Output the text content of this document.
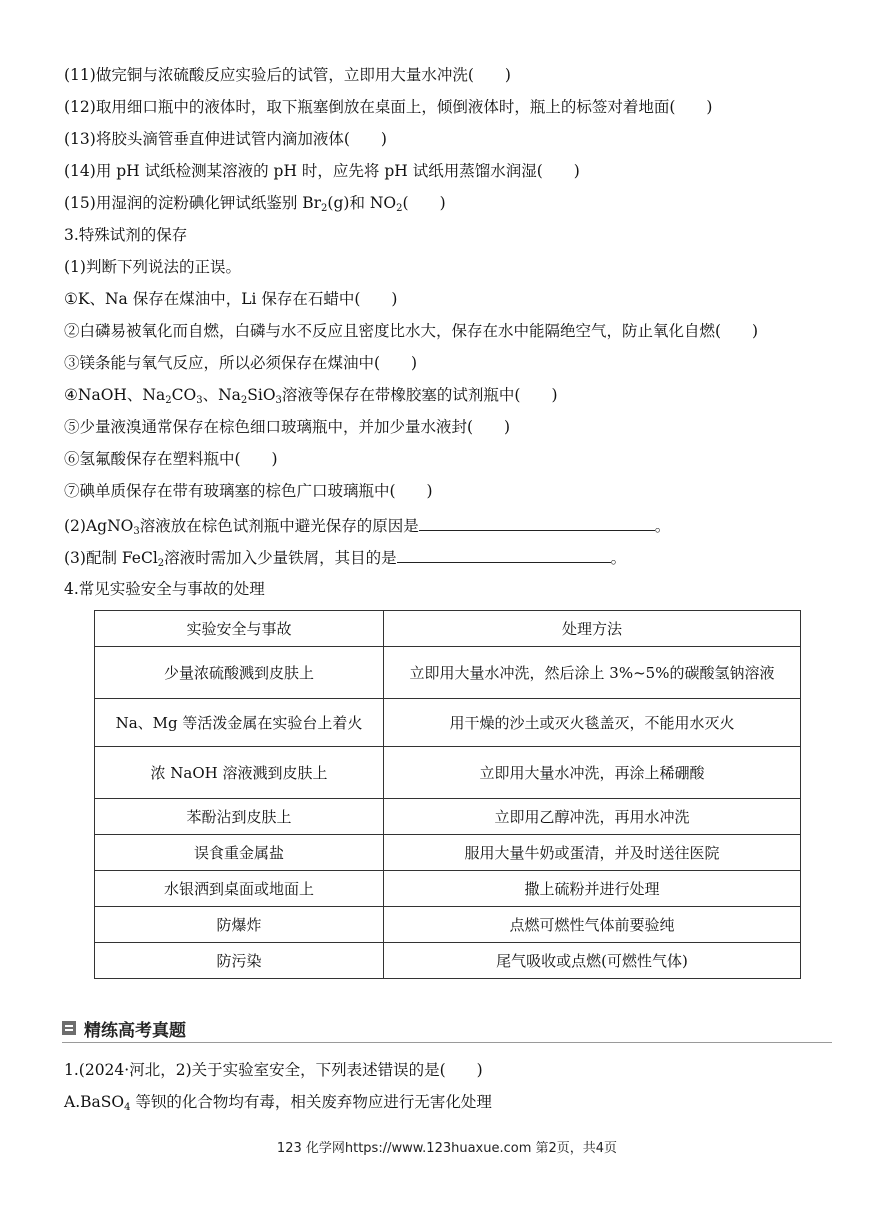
(11)做完铜与浓硫酸反应实验后的试管，立即用大量水冲洗(　　)
(12)取用细口瓶中的液体时，取下瓶塞倒放在桌面上，倾倒液体时，瓶上的标签对着地面(　　)
(13)将胶头滴管垂直伸进试管内滴加液体(　　)
(14)用 pH 试纸检测某溶液的 pH 时，应先将 pH 试纸用蒸馏水润湿(　　)
(15)用湿润的淀粉碘化钾试纸鉴别 $Br_2(g)$和 $NO_2$(　　)
3.特殊试剂的保存
(1)判断下列说法的正误。
①K、Na 保存在煤油中，Li 保存在石蜡中(　　)
②白磷易被氧化而自燃，白磷与水不反应且密度比水大，保存在水中能隔绝空气，防止氧化自燃(　　)
③镁条能与氧气反应，所以必须保存在煤油中(　　)
④NaOH、$Na_2CO_3$、$Na_2SiO_3$溶液等保存在带橡胶塞的试剂瓶中(　　)
⑤少量液溴通常保存在棕色细口玻璃瓶中，并加少量水液封(　　)
⑥氢氟酸保存在塑料瓶中(　　)
⑦碘单质保存在带有玻璃塞的棕色广口玻璃瓶中(　　)
(2)AgNO$_3$溶液放在棕色试剂瓶中避光保存的原因是	。
(3)配制 FeCl$_2$溶液时需加入少量铁屑，其目的是	。
4.常见实验安全与事故的处理
实验安全与事故	处理方法
少量浓硫酸溅到皮肤上	立即用大量水冲洗，然后涂上 3%~5%的碳酸氢钠溶液
Na、Mg 等活泼金属在实验台上着火	用干燥的沙土或灭火毯盖灭，不能用水灭火
浓 NaOH 溶液溅到皮肤上	立即用大量水冲洗，再涂上稀硼酸
苯酚沾到皮肤上	立即用乙醇冲洗，再用水冲洗
误食重金属盐	服用大量牛奶或蛋清，并及时送往医院
水银洒到桌面或地面上	撒上硫粉并进行处理
防爆炸	点燃可燃性气体前要验纯
防污染	尾气吸收或点燃(可燃性气体)
精练高考真题
1.(2024·河北，2)关于实验室安全，下列表述错误的是(　　)
A.BaSO$_4$ 等钡的化合物均有毒，相关废弃物应进行无害化处理
123 化学网https://www.123huaxue.com 第2页，共4页
